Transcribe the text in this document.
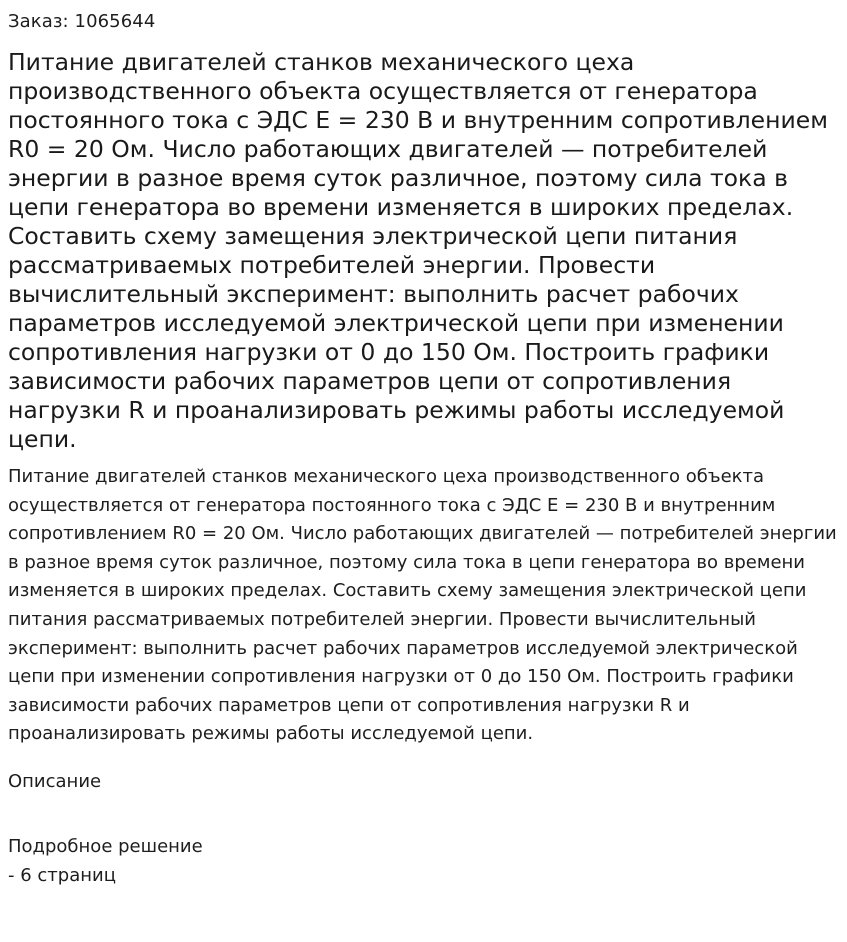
Заказ: 1065644

Питание двигателей станков механического цеха производственного объекта осуществляется от генератора постоянного тока с ЭДС E = 230 В и внутренним сопротивлением R0 = 20 Ом. Число работающих двигателей — потребителей энергии в разное время суток различное, поэтому сила тока в цепи генератора во времени изменяется в широких пределах. Составить схему замещения электрической цепи питания рассматриваемых потребителей энергии. Провести вычислительный эксперимент: выполнить расчет рабочих параметров исследуемой электрической цепи при изменении сопротивления нагрузки от 0 до 150 Ом. Построить графики зависимости рабочих параметров цепи от сопротивления нагрузки R и проанализировать режимы работы исследуемой цепи.

Питание двигателей станков механического цеха производственного объекта осуществляется от генератора постоянного тока с ЭДС E = 230 В и внутренним сопротивлением R0 = 20 Ом. Число работающих двигателей — потребителей энергии в разное время суток различное, поэтому сила тока в цепи генератора во времени изменяется в широких пределах. Составить схему замещения электрической цепи питания рассматриваемых потребителей энергии. Провести вычислительный эксперимент: выполнить расчет рабочих параметров исследуемой электрической цепи при изменении сопротивления нагрузки от 0 до 150 Ом. Построить графики зависимости рабочих параметров цепи от сопротивления нагрузки R и проанализировать режимы работы исследуемой цепи.

Описание

Подробное решение

- 6 страниц
